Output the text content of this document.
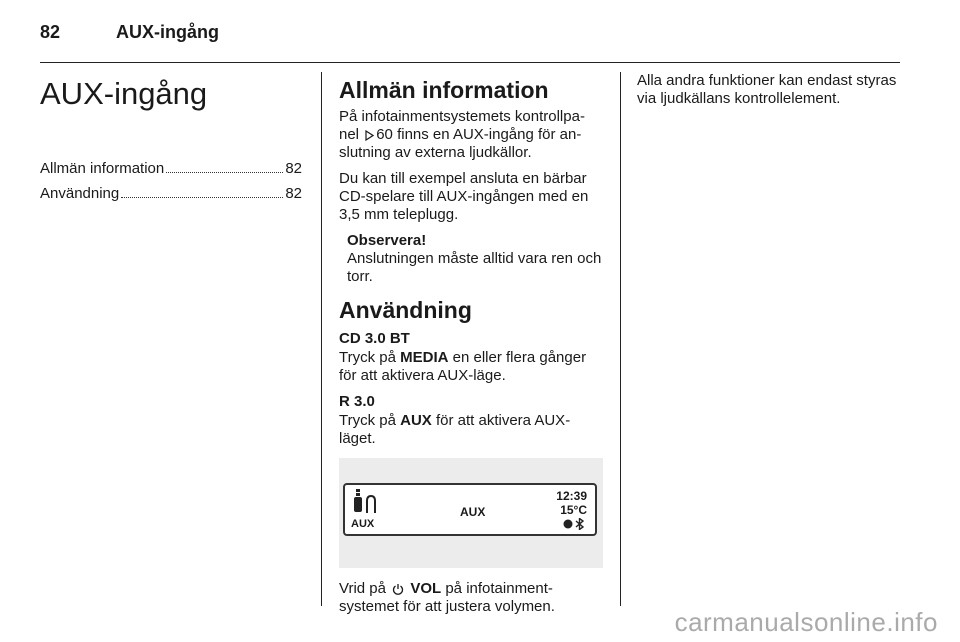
82	AUX-ingång
AUX-ingång
Allmän information	82
Användning	82
Allmän information

På infotainmentsystemets kontrollpa-nel 60 finns en AUX-ingång för an-slutning av externa ljudkällor.

Du kan till exempel ansluta en bärbar CD-spelare till AUX-ingången med en 3,5 mm teleplugg.

Observera!

Anslutningen måste alltid vara ren och torr.

Användning
CD 3.0 BT

Tryck på MEDIA en eller flera gånger för att aktivera AUX-läge.

R 3.0

Tryck på AUX för att aktivera AUX-läget.

AUX
AUX
12:39
15°C

Vrid på VOL på infotainment-systemet för att justera volymen.

Alla andra funktioner kan endast styras via ljudkällans kontrollelement.

carmanualsonline.info
